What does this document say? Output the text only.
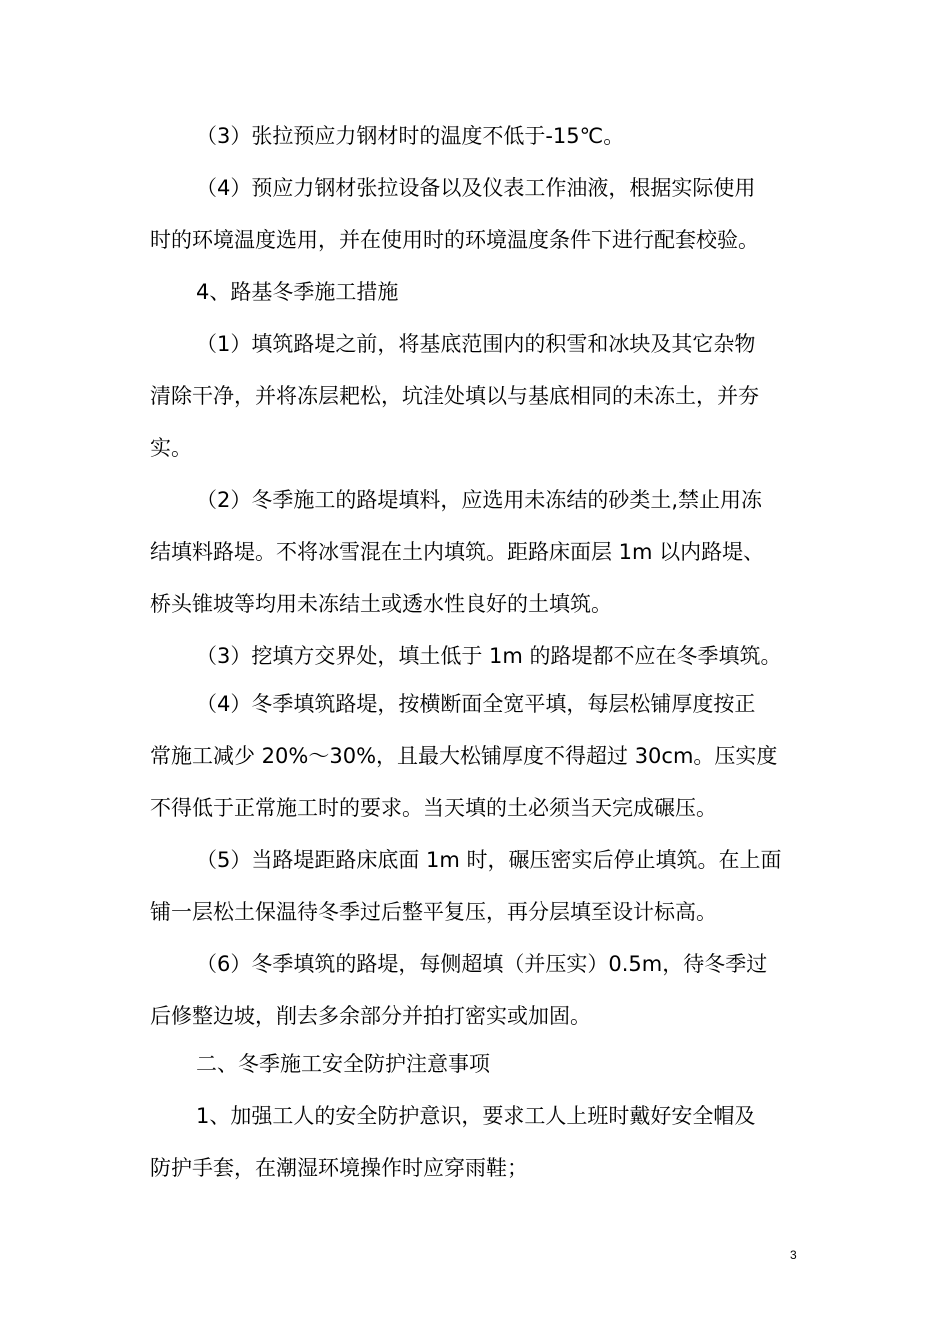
（3）张拉预应力钢材时的温度不低于-15℃。
（4）预应力钢材张拉设备以及仪表工作油液，根据实际使用
时的环境温度选用，并在使用时的环境温度条件下进行配套校验。
4、路基冬季施工措施
（1）填筑路堤之前，将基底范围内的积雪和冰块及其它杂物
清除干净，并将冻层耙松，坑洼处填以与基底相同的未冻土，并夯
实。
（2）冬季施工的路堤填料，应选用未冻结的砂类土,禁止用冻
结填料路堤。不将冰雪混在土内填筑。距路床面层 1m 以内路堤、
桥头锥坡等均用未冻结土或透水性良好的土填筑。
（3）挖填方交界处，填土低于 1m 的路堤都不应在冬季填筑。
（4）冬季填筑路堤，按横断面全宽平填，每层松铺厚度按正
常施工减少 20%～30%，且最大松铺厚度不得超过 30cm。压实度
不得低于正常施工时的要求。当天填的土必须当天完成碾压。
（5）当路堤距路床底面 1m 时，碾压密实后停止填筑。在上面
铺一层松土保温待冬季过后整平复压，再分层填至设计标高。
（6）冬季填筑的路堤，每侧超填（并压实）0.5m，待冬季过
后修整边坡，削去多余部分并拍打密实或加固。
二、冬季施工安全防护注意事项
1、加强工人的安全防护意识，要求工人上班时戴好安全帽及
防护手套，在潮湿环境操作时应穿雨鞋；
3
